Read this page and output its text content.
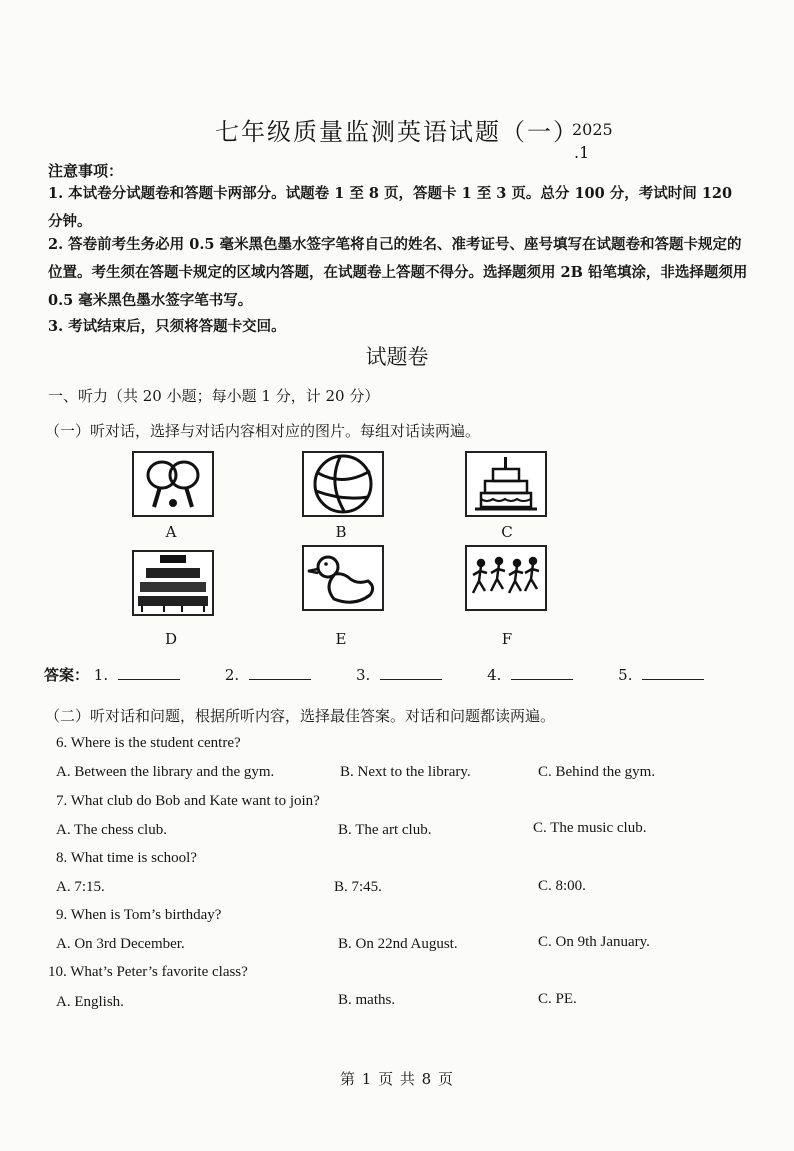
七年级质量监测英语试题（一）
2025
.1
注意事项：
1. 本试卷分试题卷和答题卡两部分。试题卷 1 至 8 页，答题卡 1 至 3 页。总分 100 分，考试时间 120 分钟。
2. 答卷前考生务必用 0.5 毫米黑色墨水签字笔将自己的姓名、准考证号、座号填写在试题卷和答题卡规定的位置。考生须在答题卡规定的区域内答题，在试题卷上答题不得分。选择题须用 2B 铅笔填涂，非选择题须用 0.5 毫米黑色墨水签字笔书写。
3. 考试结束后，只须将答题卡交回。
试题卷
一、听力（共 20 小题；每小题 1 分，计 20 分）
（一）听对话，选择与对话内容相对应的图片。每组对话读两遍。
A	B	C
D	E	F
答案： 1.	2.	3.	4.	5.
（二）听对话和问题，根据所听内容，选择最佳答案。对话和问题都读两遍。
6. Where is the student centre?
A. Between the library and the gym.	B. Next to the library.	C. Behind the gym.
7. What club do Bob and Kate want to join?
A. The chess club.	B. The art club.	C. The music club.
8. What time is school?
A. 7:15.	B. 7:45.	C. 8:00.
9. When is Tom’s birthday?
A. On 3rd December.	B. On 22nd August.	C. On 9th January.
10. What’s Peter’s favorite class?
A. English.	B. maths.	C. PE.
第 1 页 共 8 页
